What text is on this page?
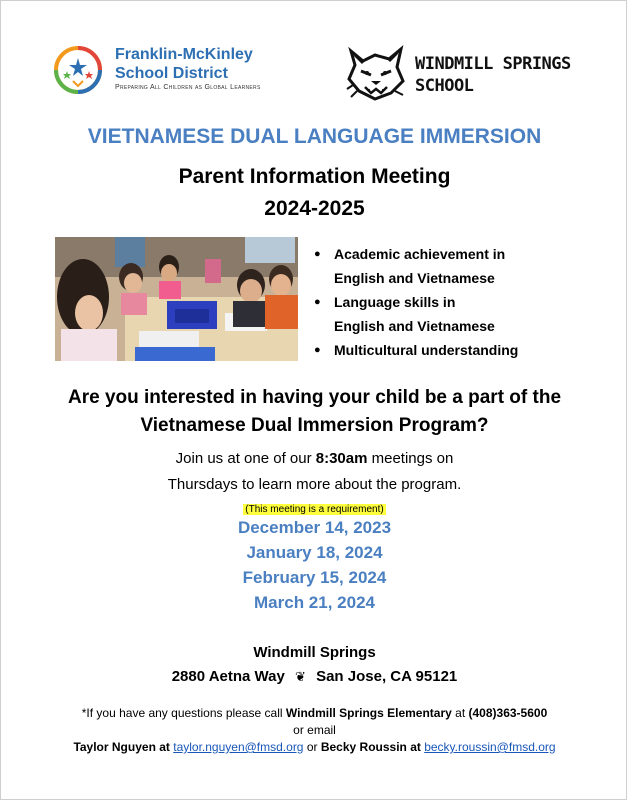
Franklin-McKinley
School District
Preparing All Children as Global Learners
WINDMILL SPRINGS
SCHOOL
VIETNAMESE DUAL LANGUAGE IMMERSION
Parent Information Meeting
2024-2025
● Academic achievement in
English and Vietnamese
● Language skills in
English and Vietnamese
● Multicultural understanding
Are you interested in having your child be a part of the
Vietnamese Dual Immersion Program?
Join us at one of our 8:30am meetings on
Thursdays to learn more about the program.
(This meeting is a requirement)
December 14, 2023
January 18, 2024
February 15, 2024
March 21, 2024
Windmill Springs
2880 Aetna Way ❦ San Jose, CA 95121
*If you have any questions please call Windmill Springs Elementary at (408)363-5600
or email
Taylor Nguyen at taylor.nguyen@fmsd.org or Becky Roussin at becky.roussin@fmsd.org
